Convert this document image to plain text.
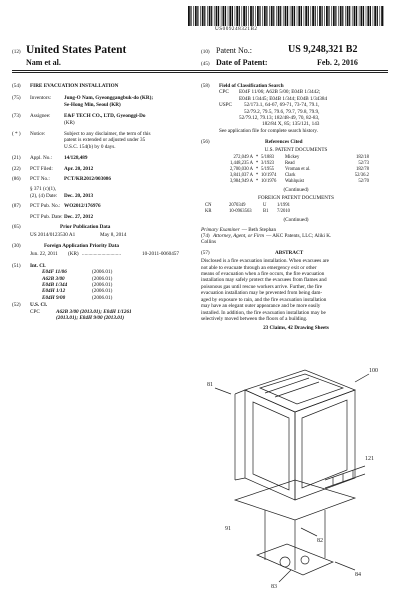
US009248321B2
(12) United States Patent
Nam et al.
(10) Patent No.:	US 9,248,321 B2
(45) Date of Patent:	Feb. 2, 2016
(54)	FIRE EVACUATION INSTALLATION
(75)	Inventors:	Jung-O Nam, Gyeonggangbuk-do (KR);
Se-Hong Min, Seoul (KR)
(73)	Assignee:	E&F TECH CO., LTD, Gyeonggi-Do
(KR)
( * )	Notice:	Subject to any disclaimer, the term of this
patent is extended or adjusted under 35
U.S.C. 154(b) by 0 days.
(21)	Appl. No.:	14/128,489
(22)	PCT Filed:	Apr. 20, 2012
(86)	PCT No.:	PCT/KR2012/003086
§ 371 (c)(1),
(2), (4) Date:	Dec. 20, 2013
(87)	PCT Pub. No.: WO2012/176976
PCT Pub. Date: Dec. 27, 2012
(65)	Prior Publication Data
US 2014/0123530 A1	May 8, 2014
(30)	Foreign Application Priority Data
Jun. 22, 2011	(KR) ..............................	10-2011-0060457
(51)	Int. Cl.
E04F 11/06	(2006.01)
A62B 3/00	(2006.01)
E04B 1/344	(2006.01)
E04H 1/12	(2006.01)
E04H 9/00	(2006.01)
(52)	U.S. Cl.
CPC	A62B 3/00 (2013.01); E04H 1/1261
(2013.01); E04H 9/00 (2013.01)
(58)	Field of Classification Search
CPC	E04F 11/06; A62B 5/00; E04B 1/3442;
E04B 1/3445; E04B 1/344; E04B 1/34384
USPC	52/173.1, 64-67, 69-71, 73-74, 79.1,
52/79.2, 79.5, 79.6, 79.7, 79.8, 79.9,
52/79.12, 79.13; 182/48-49, 70, 82-83,
182/84 X, 85; 135/121, 143
See application file for complete search history.
(56)	References Cited
U.S. PATENT DOCUMENTS
272,049 A * 5/1883	Mickey	182/18
1,448,235 A * 3/1923	Read	52/73
2,700,030 A * 5/1955	Vroman et al.	182/78
3,841,037 A * 10/1974	Clark	52/36.2
3,984,949 A * 10/1976	Wahlquist	52/70
(Continued)
FOREIGN PATENT DOCUMENTS
CN	2070349	U	1/1991
KR	10-0963563	B1	7/2010
(Continued)
Primary Examiner — Beth Stephan
(74) Attorney, Agent, or Firm — AKC Patents, LLC; Aliki K.
Collins
(57)	ABSTRACT
Disclosed is a fire evacuation installation. When evacuees are
not able to evacuate through an emergency exit or other
means of evacuation when a fire occurs, the fire evacuation
installation may safely protect the evacuees from flames and
poisonous gas until rescue workers arrive. Further, the fire
evacuation installation may be prevented from being dam-
aged by exposure to rain, and the fire evacuation installation
may have an elegant outer appearance and be more easily
installed. In addition, the fire evacuation installation may be
selectively moved between the floors of a building.
23 Claims, 42 Drawing Sheets
100
81
82
83
84
91
121
